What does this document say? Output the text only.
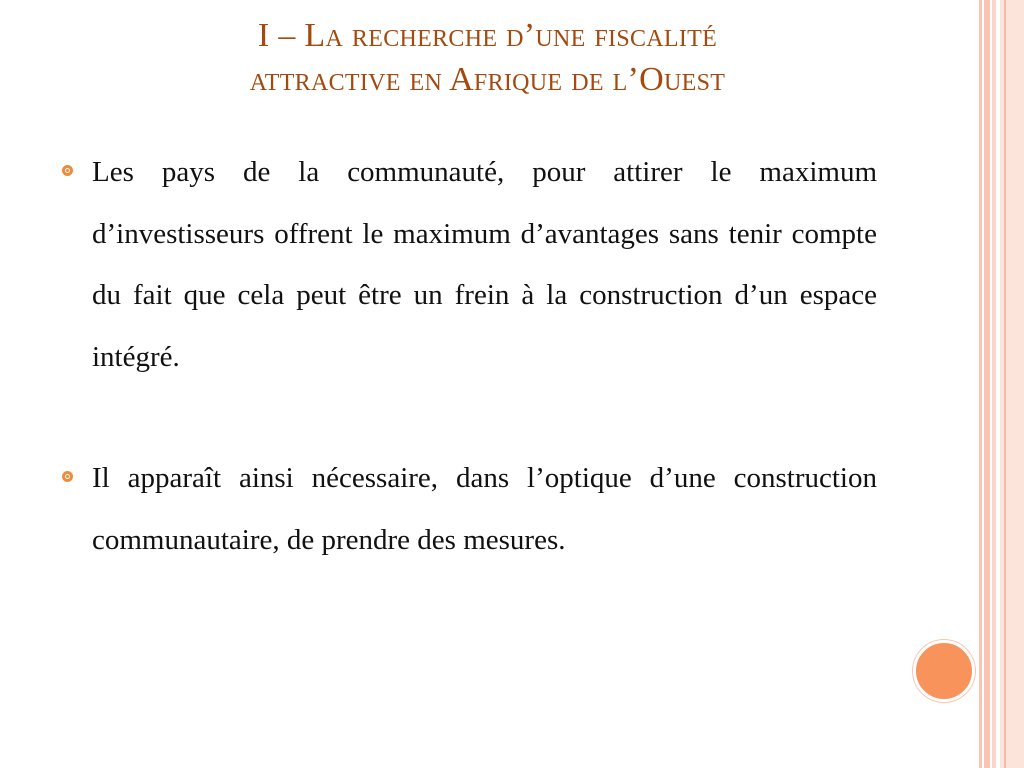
I – La recherche d’une fiscalité
attractive en Afrique de l’Ouest
Les pays de la communauté, pour attirer le maximum d’investisseurs offrent le maximum d’avantages sans tenir compte du fait que cela peut être un frein à la construction d’un espace intégré.
Il apparaît ainsi nécessaire, dans l’optique d’une construction communautaire, de prendre des mesures.
